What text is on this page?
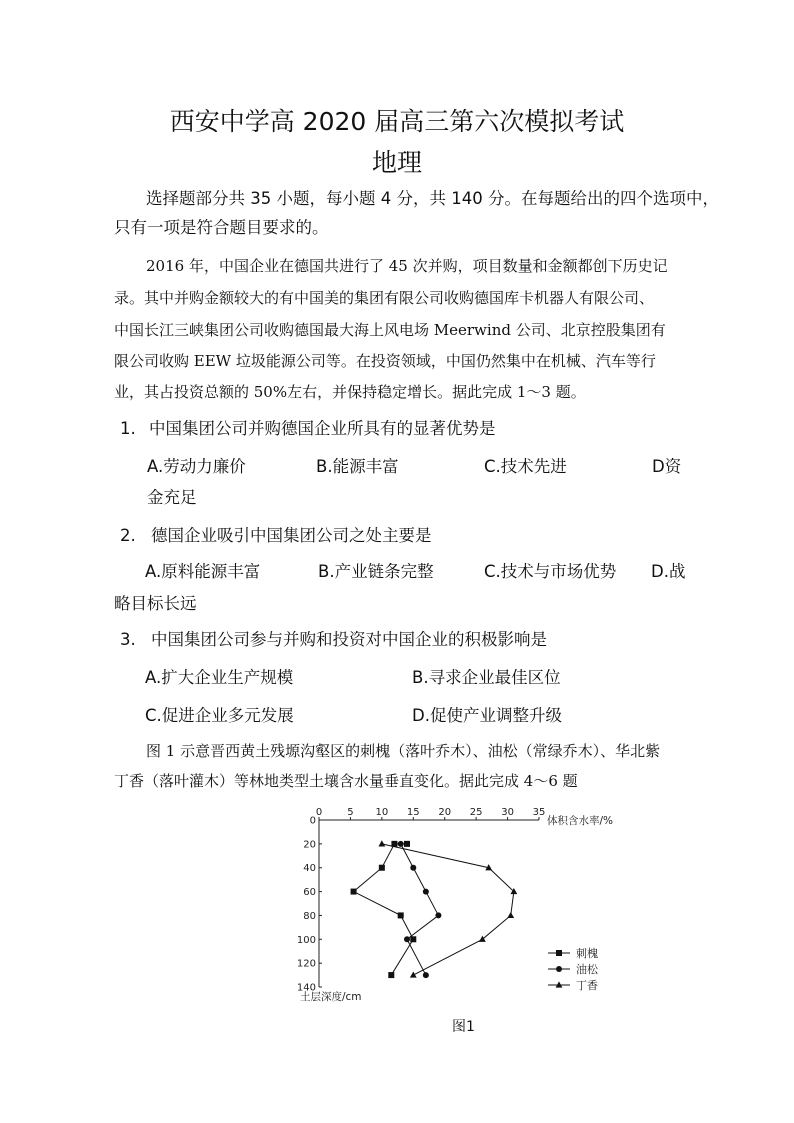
西安中学高 2020 届高三第六次模拟考试
地理
选择题部分共 35 小题，每小题 4 分，共 140 分。在每题给出的四个选项中，
只有一项是符合题目要求的。
2016 年，中国企业在德国共进行了 45 次并购，项目数量和金额都创下历史记
录。其中并购金额较大的有中国美的集团有限公司收购德国库卡机器人有限公司、
中国长江三峡集团公司收购德国最大海上风电场 Meerwind 公司、北京控股集团有
限公司收购 EEW 垃圾能源公司等。在投资领域，中国仍然集中在机械、汽车等行
业，其占投资总额的 50%左右，并保持稳定增长。据此完成 1～3 题。
1. 中国集团公司并购德国企业所具有的显著优势是
A.劳动力廉价	B.能源丰富	C.技术先进	D资
金充足
2. 德国企业吸引中国集团公司之处主要是
A.原料能源丰富	B.产业链条完整	C.技术与市场优势 D.战
略目标长远
3. 中国集团公司参与并购和投资对中国企业的积极影响是
A.扩大企业生产规模	B.寻求企业最佳区位
C.促进企业多元发展	D.促使产业调整升级
图 1 示意晋西黄土残塬沟壑区的刺槐（落叶乔木）、油松（常绿乔木）、华北紫
丁香（落叶灌木）等林地类型土壤含水量垂直变化。据此完成 4～6 题
0	5 10 15 20 25 30 35
0
20
40
60
80
100
120
140
体积含水率/%
土层深度/cm
刺槐
油松
丁香
图1
